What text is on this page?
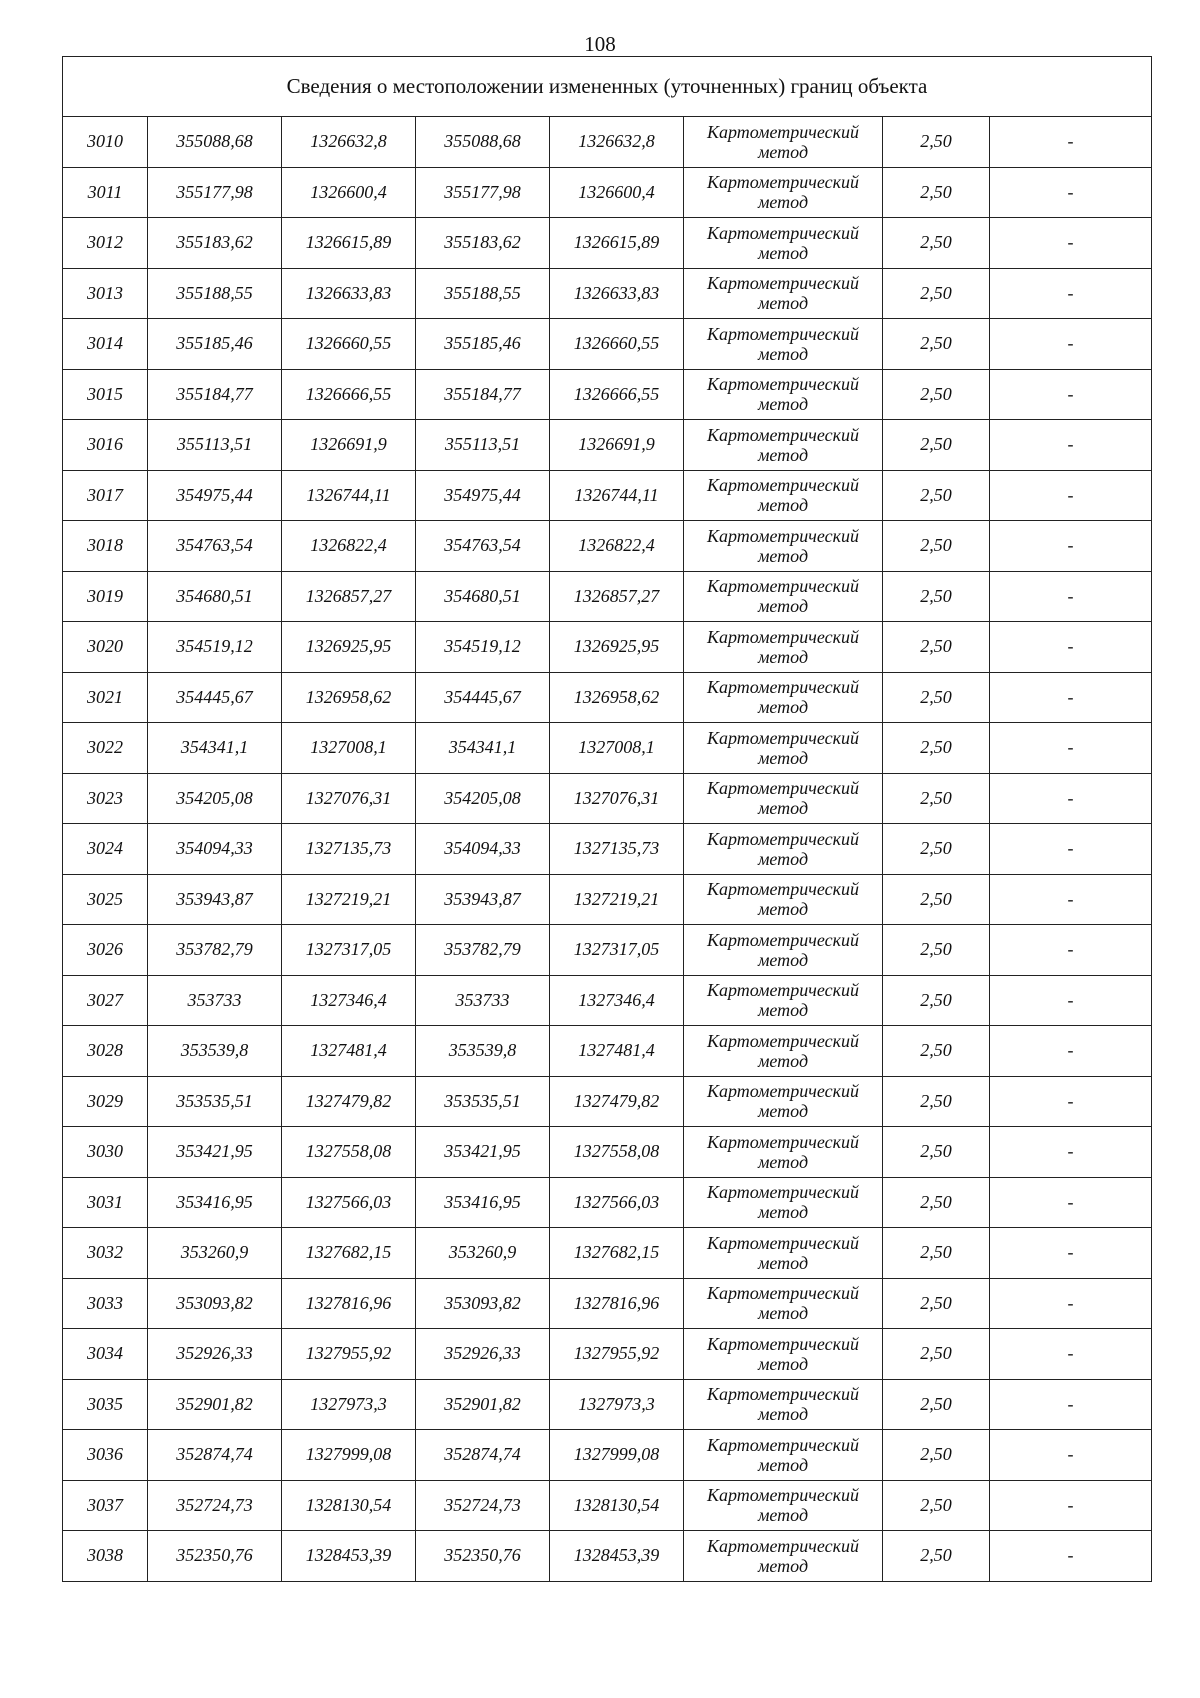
108
Сведения о местоположении измененных (уточненных) границ объекта							
3010	355088,68	1326632,8	355088,68	1326632,8	Картометрический метод	2,50	-
3011	355177,98	1326600,4	355177,98	1326600,4	Картометрический метод	2,50	-
3012	355183,62	1326615,89	355183,62	1326615,89	Картометрический метод	2,50	-
3013	355188,55	1326633,83	355188,55	1326633,83	Картометрический метод	2,50	-
3014	355185,46	1326660,55	355185,46	1326660,55	Картометрический метод	2,50	-
3015	355184,77	1326666,55	355184,77	1326666,55	Картометрический метод	2,50	-
3016	355113,51	1326691,9	355113,51	1326691,9	Картометрический метод	2,50	-
3017	354975,44	1326744,11	354975,44	1326744,11	Картометрический метод	2,50	-
3018	354763,54	1326822,4	354763,54	1326822,4	Картометрический метод	2,50	-
3019	354680,51	1326857,27	354680,51	1326857,27	Картометрический метод	2,50	-
3020	354519,12	1326925,95	354519,12	1326925,95	Картометрический метод	2,50	-
3021	354445,67	1326958,62	354445,67	1326958,62	Картометрический метод	2,50	-
3022	354341,1	1327008,1	354341,1	1327008,1	Картометрический метод	2,50	-
3023	354205,08	1327076,31	354205,08	1327076,31	Картометрический метод	2,50	-
3024	354094,33	1327135,73	354094,33	1327135,73	Картометрический метод	2,50	-
3025	353943,87	1327219,21	353943,87	1327219,21	Картометрический метод	2,50	-
3026	353782,79	1327317,05	353782,79	1327317,05	Картометрический метод	2,50	-
3027	353733	1327346,4	353733	1327346,4	Картометрический метод	2,50	-
3028	353539,8	1327481,4	353539,8	1327481,4	Картометрический метод	2,50	-
3029	353535,51	1327479,82	353535,51	1327479,82	Картометрический метод	2,50	-
3030	353421,95	1327558,08	353421,95	1327558,08	Картометрический метод	2,50	-
3031	353416,95	1327566,03	353416,95	1327566,03	Картометрический метод	2,50	-
3032	353260,9	1327682,15	353260,9	1327682,15	Картометрический метод	2,50	-
3033	353093,82	1327816,96	353093,82	1327816,96	Картометрический метод	2,50	-
3034	352926,33	1327955,92	352926,33	1327955,92	Картометрический метод	2,50	-
3035	352901,82	1327973,3	352901,82	1327973,3	Картометрический метод	2,50	-
3036	352874,74	1327999,08	352874,74	1327999,08	Картометрический метод	2,50	-
3037	352724,73	1328130,54	352724,73	1328130,54	Картометрический метод	2,50	-
3038	352350,76	1328453,39	352350,76	1328453,39	Картометрический метод	2,50	-
